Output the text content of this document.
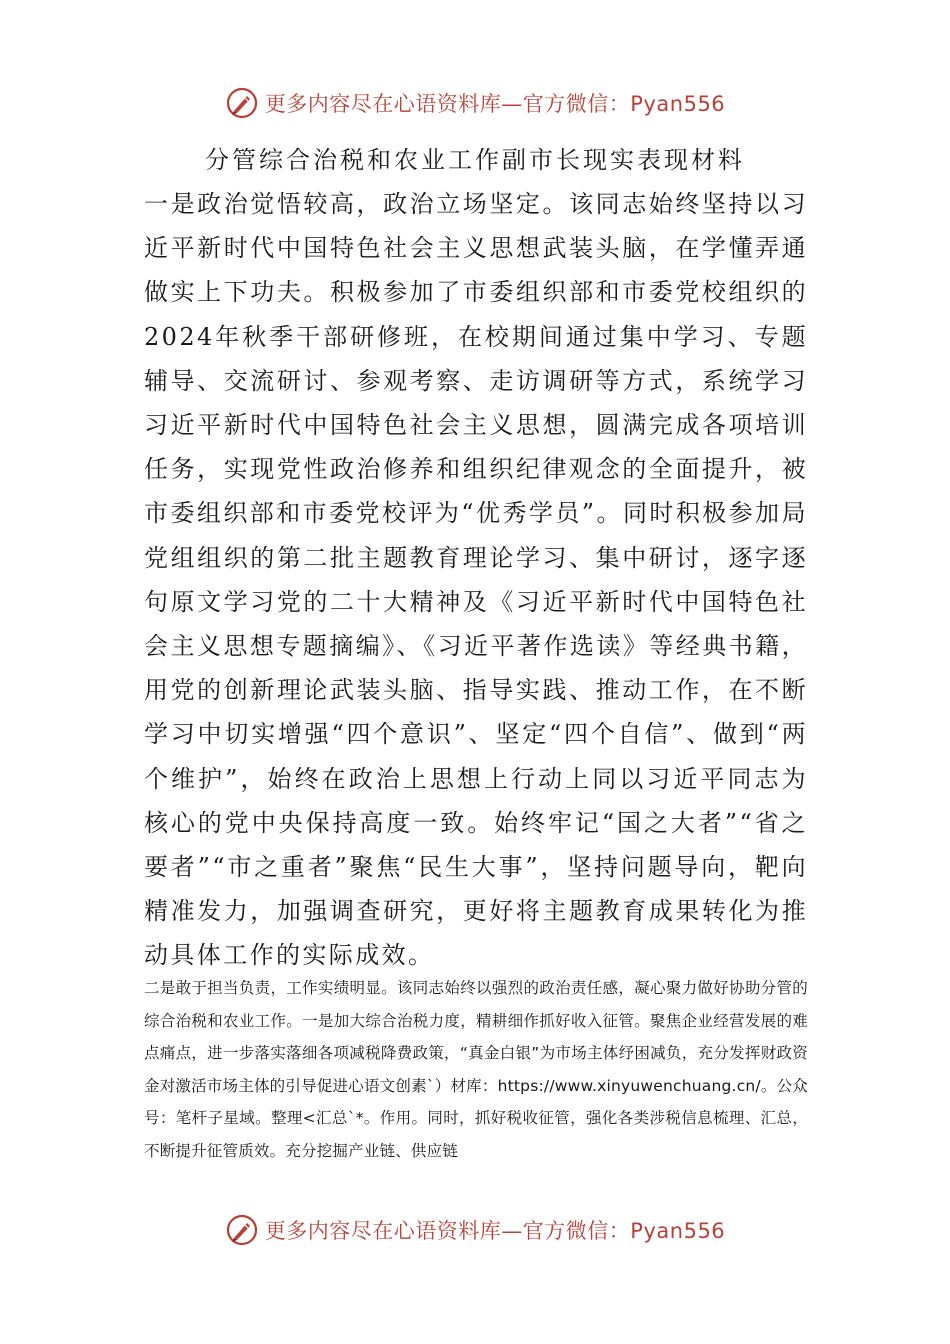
更多内容尽在心语资料库—官方微信：Pyan556
分管综合治税和农业工作副市长现实表现材料
一是政治觉悟较高，政治立场坚定。该同志始终坚持以习近平新时代中国特色社会主义思想武装头脑，在学懂弄通做实上下功夫。积极参加了市委组织部和市委党校组织的2024年秋季干部研修班，在校期间通过集中学习、专题辅导、交流研讨、参观考察、走访调研等方式，系统学习习近平新时代中国特色社会主义思想，圆满完成各项培训任务，实现党性政治修养和组织纪律观念的全面提升，被市委组织部和市委党校评为“优秀学员”。同时积极参加局党组组织的第二批主题教育理论学习、集中研讨，逐字逐句原文学习党的二十大精神及《习近平新时代中国特色社会主义思想专题摘编》、《习近平著作选读》等经典书籍，用党的创新理论武装头脑、指导实践、推动工作，在不断学习中切实增强“四个意识”、坚定“四个自信”、做到“两个维护”，始终在政治上思想上行动上同以习近平同志为核心的党中央保持高度一致。始终牢记“国之大者”“省之要者”“市之重者”聚焦“民生大事”，坚持问题导向，靶向精准发力，加强调查研究，更好将主题教育成果转化为推动具体工作的实际成效。
二是敢于担当负责，工作实绩明显。该同志始终以强烈的政治责任感，凝心聚力做好协助分管的综合治税和农业工作。一是加大综合治税力度，精耕细作抓好收入征管。聚焦企业经营发展的难点痛点，进一步落实落细各项减税降费政策，“真金白银”为市场主体纾困减负，充分发挥财政资金对激活市场主体的引导促进心语文创素`）材库：https://www.xinyuwenchuang.cn/。公众号：笔杆子星域。整理<汇总`*。作用。同时，抓好税收征管，强化各类涉税信息梳理、汇总，不断提升征管质效。充分挖掘产业链、供应链
更多内容尽在心语资料库—官方微信：Pyan556
